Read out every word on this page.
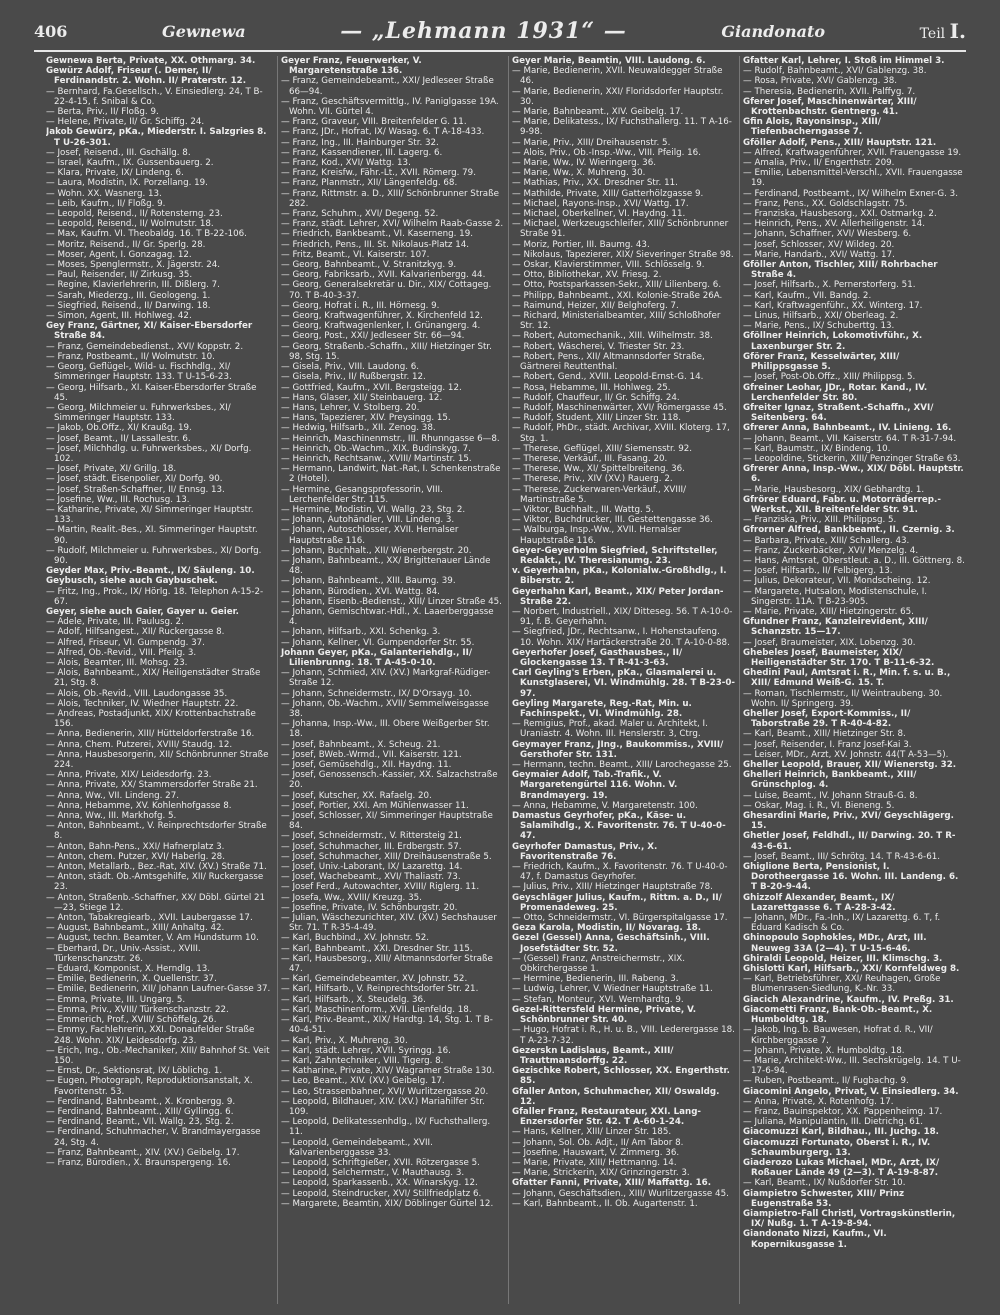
406	Gewnewa	— „Lehmann 1931“ —	Giandonato	Teil I.

Gewnewa Berta, Private, XX. Othmarg. 34.

Gewürz Adolf, Friseur (. Demer, II/ Ferdinandstr. 2. Wohn. II/ Praterstr. 12.

— Bernhard, Fa.Gesellsch., V. Einsiedlerg. 24, T B-22-4-15, f. Snibal & Co.

— Berta, Priv., II/ Floßg. 9.

— Helene, Private, II/ Gr. Schiffg. 24.

Jakob Gewürz, pKa., Miederstr. I. Salzgries 8. T U-26-301.

— Josef, Reisend., III. Gschällg. 8.

— Israel, Kaufm., IX. Gussenbauerg. 2.

— Klara, Private, IX/ Lindeng. 6.

— Laura, Modistin, IX. Porzellang. 19.

— Wohn. XX. Wasnerg. 13.

— Leib, Kaufm., II/ Floßg. 9.

— Leopold, Reisend., II/ Rotensterng. 23.

— Leopold, Reisend., II/ Wolmutstr. 18.

— Max, Kaufm. VI. Theobaldg. 16. T B-22-106.

— Moritz, Reisend., II/ Gr. Sperlg. 28.

— Moser, Agent, I. Gonzagag. 12.

— Moses, Spenglermstr., X. Jägerstr. 24.

— Paul, Reisender, II/ Zirkusg. 35.

— Regine, Klavierlehrerin, III. Dißlerg. 7.

— Sarah, Miederzg., III. Geologeng. 1.

— Siegfried, Reisend., II/ Darwing. 18.

— Simon, Agent, III. Hohlweg. 42.

Gey Franz, Gärtner, XI/ Kaiser-Ebersdorfer Straße 84.

— Franz, Gemeindebedienst., XVI/ Koppstr. 2.

— Franz, Postbeamt., II/ Wolmutstr. 10.

— Georg, Geflügel-, Wild- u. Fischhdlg., XI/ Simmeringer Hauptstr. 133. T U-15-6-23.

— Georg, Hilfsarb., XI. Kaiser-Ebersdorfer Straße 45.

— Georg, Milchmeier u. Fuhrwerksbes., XI/ Simmeringer Hauptstr. 133.

— Jakob, Ob.Offz., XI/ Kraußg. 19.

— Josef, Beamt., II/ Lassallestr. 6.

— Josef, Milchhdlg. u. Fuhrwerksbes., XI/ Dorfg. 102.

— Josef, Private, XI/ Grillg. 18.

— Josef, städt. Eisenpolier, XI/ Dorfg. 90.

— Josef, Straßen-Schaffner, II/ Ennsg. 13.

— Josefine, Ww., III. Rochusg. 13.

— Katharine, Private, XI/ Simmeringer Hauptstr. 133.

— Martin, Realit.-Bes., XI. Simmeringer Hauptstr. 90.

— Rudolf, Milchmeier u. Fuhrwerksbes., XI/ Dorfg. 90.

Geyder Max, Priv.-Beamt., IX/ Säuleng. 10.

Geybusch, siehe auch Gaybuschek.

— Fritz, Ing., Prok., IX/ Hörlg. 18. Telephon A-15-2-67.

Geyer, siehe auch Gaier, Gayer u. Geier.

— Adele, Private, III. Paulusg. 2.

— Adolf, Hilfsangest., XII/ Ruckergasse 8.

— Alfred, Friseur, VI. Gumpendg. 37.

— Alfred, Ob.-Revid., VIII. Pfeilg. 3.

— Alois, Beamter, III. Mohsg. 23.

— Alois, Bahnbeamt., XIX/ Heiligenstädter Straße 21, Stg. 8.

— Alois, Ob.-Revid., VIII. Laudongasse 35.

— Alois, Techniker, IV. Wiedner Hauptstr. 22.

— Andreas, Postadjunkt, XIX/ Krottenbachstraße 156.

— Anna, Bedienerin, XIII/ Hütteldorferstraße 16.

— Anna, Chem. Putzerei, XVIII/ Staudg. 12.

— Anna, Hausbesorgerin, XII/ Schönbrunner Straße 224.

— Anna, Private, XIX/ Leidesdorfg. 23.

— Anna, Private, XX/ Stammersdorfer Straße 21.

— Anna, Ww., VII. Lindeng. 27.

— Anna, Hebamme, XV. Kohlenhofgasse 8.

— Anna, Ww., III. Markhofg. 5.

— Anton, Bahnbeamt., V. Reinprechtsdorfer Straße 8.

— Anton, Bahn-Pens., XXI/ Hafnerplatz 3.

— Anton, chem. Putzer, XVI/ Haberlg. 28.

— Anton, Metallarb., Bez.-Rat, XIV. (XV.) Straße 71.

— Anton, städt. Ob.-Amtsgehilfe, XII/ Ruckergasse 23.

— Anton, Straßenb.-Schaffner, XX/ Döbl. Gürtel 21—23, Stiege 12.

— Anton, Tabakregiearb., XVII. Laubergasse 17.

— August, Bahnbeamt., XIII/ Anhaltg. 42.

— August, techn. Beamter, V. Am Hundsturm 10.

— Eberhard, Dr., Univ.-Assist., XVIII. Türkenschanzstr. 26.

— Eduard, Komponist, X. Herndlg. 13.

— Emilie, Bedienerin, X. Quellenstr. 37.

— Emilie, Bedienerin, XII/ Johann Laufner-Gasse 37.

— Emma, Private, III. Ungarg. 5.

— Emma, Priv., XVIII/ Türkenschanzstr. 22.

— Emmerich, Prof., XVIII/ Schöffelg. 26.

— Emmy, Fachlehrerin, XXI. Donaufelder Straße 248. Wohn. XIX/ Leidesdorfg. 23.

— Erich, Ing., Ob.-Mechaniker, XIII/ Bahnhof St. Veit 150.

— Ernst, Dr., Sektionsrat, IX/ Löblichg. 1.

— Eugen, Photograph, Reproduktionsanstalt, X. Favoritenstr. 53.

— Ferdinand, Bahnbeamt., X. Kronbergg. 9.

— Ferdinand, Bahnbeamt., XIII/ Gyllingg. 6.

— Ferdinand, Beamt., VII. Wallg. 23, Stg. 2.

— Ferdinand, Schuhmacher, V. Brandmayergasse 24, Stg. 4.

— Franz, Bahnbeamt., XIV. (XV.) Geibelg. 17.

— Franz, Bürodien., X. Braunspergeng. 16.

Geyer Franz, Feuerwerker, V. Margaretenstraße 136.

— Franz, Gemeindebeamt., XXI/ Jedleseer Straße 66—94.

— Franz, Geschäftsvermittlg., IV. Paniglgasse 19A. Wohn. VII. Gürtel 4.

— Franz, Graveur, VIII. Breitenfelder G. 11.

— Franz, JDr., Hofrat, IX/ Wasag. 6. T A-18-433.

— Franz, Ing., III. Hainburger Str. 32.

— Franz, Kassendiener, III. Lagerg. 6.

— Franz, Kod., XVI/ Wattg. 13.

— Franz, Kreisfw., Fähr.-Lt., XVII. Römerg. 79.

— Franz, Planmstr., XII/ Längenfeldg. 68.

— Franz, Rittmstr. a. D., XIII/ Schönbrunner Straße 282.

— Franz, Schuhm., XVI/ Degeng. 52.

— Franz, städt. Lehrer, XVI/ Wilhelm Raab-Gasse 2.

— Friedrich, Bankbeamt., VI. Kaserneng. 19.

— Friedrich, Pens., III. St. Nikolaus-Platz 14.

— Fritz, Beamt., VI. Kaiserstr. 107.

— Georg, Bahnbeamt., V. Stranitzkyg. 9.

— Georg, Fabriksarb., XVII. Kalvarienbergg. 44.

— Georg, Generalsekretär u. Dir., XIX/ Cottageg. 70. T B-40-3-37.

— Georg, Hofrat i. R., III. Hörnesg. 9.

— Georg, Kraftwagenführer, X. Kirchenfeld 12.

— Georg, Kraftwagenlenker, I. Grünangerg. 4.

— Georg, Post., XXI/ Jedleseer Str. 66—94.

— Georg, Straßenb.-Schaffn., XIII/ Hietzinger Str. 98, Stg. 15.

— Gisela, Priv., VIII. Laudong. 6.

— Gisela, Priv., II/ Rußbergstr. 12.

— Gottfried, Kaufm., XVII. Bergsteigg. 12.

— Hans, Glaser, XII/ Steinbauerg. 12.

— Hans, Lehrer, V. Stolberg. 20.

— Hans, Tapezierer, XIV. Preysingg. 15.

— Hedwig, Hilfsarb., XII. Zenog. 38.

— Heinrich, Maschinenmstr., III. Rhunngasse 6—8.

— Heinrich, Ob.-Wachm., XIX. Budinskyg. 7.

— Heinrich, Rechtsanw., XVIII/ Martinstr. 15.

— Hermann, Landwirt, Nat.-Rat, I. Schenkenstraße 2 (Hotel).

— Hermine, Gesangsprofessorin, VIII. Lerchenfelder Str. 115.

— Hermine, Modistin, VI. Wallg. 23, Stg. 2.

— Johann, Autohändler, VIII. Lindeng. 3.

— Johann, Autoschlosser, XVII. Hernalser Hauptstraße 116.

— Johann, Buchhalt., XII/ Wienerbergstr. 20.

— Johann, Bahnbeamt., XX/ Brigittenauer Lände 48.

— Johann, Bahnbeamt., XIII. Baumg. 39.

— Johann, Bürodien., XVI. Wattg. 84.

— Johann, Eisenb.-Bedienst., XIII/ Linzer Straße 45.

— Johann, Gemischtwar.-Hdl., X. Laaerberggasse 4.

— Johann, Hilfsarb., XXI. Schenkg. 3.

— Johann, Kellner, VI. Gumpendorfer Str. 55.

Johann Geyer, pKa., Galanteriehdlg., II/ Lilienbrunng. 18. T A-45-0-10.

— Johann, Schmied, XIV. (XV.) Markgraf-Rüdiger-Straße 12.

— Johann, Schneidermstr., IX/ D'Orsayg. 10.

— Johann, Ob.-Wachm., XVII/ Semmelweisgasse 38.

— Johanna, Insp.-Ww., III. Obere Weißgerber Str. 18.

— Josef, Bahnbeamt., X. Scheug. 21.

— Josef, BWeb.-Wrmd., VII. Kaiserstr. 121.

— Josef, Gemüsehdlg., XII. Haydng. 11.

— Josef, Genossensch.-Kassier, XX. Salzachstraße 20.

— Josef, Kutscher, XX. Rafaelg. 20.

— Josef, Portier, XXI. Am Mühlenwasser 11.

— Josef, Schlosser, XI/ Simmeringer Hauptstraße 84.

— Josef, Schneidermstr., V. Rittersteig 21.

— Josef, Schuhmacher, III. Erdbergstr. 57.

— Josef, Schuhmacher, XIII/ Dreihausenstraße 5.

— Josef, Univ.-Laborant, IX/ Lazarettg. 14.

— Josef, Wachebeamt., XVI/ Thaliastr. 73.

— Josef Ferd., Autowachter, XVIII/ Riglerg. 11.

— Josefa, Ww., XVIII/ Kreuzg. 35.

— Josefine, Private, IV. Schönburgstr. 20.

— Julian, Wäschezurichter, XIV. (XV.) Sechshauser Str. 71. T R-35-4-49.

— Karl, Buchbind., XV. Johnstr. 52.

— Karl, Bahnbeamt., XXI. Dresdner Str. 115.

— Karl, Hausbesorg., XIII/ Altmannsdorfer Straße 47.

— Karl, Gemeindebeamter, XV. Johnstr. 52.

— Karl, Hilfsarb., V. Reinprechtsdorfer Str. 21.

— Karl, Hilfsarb., X. Steudelg. 36.

— Karl, Maschinenform., XVII. Lienfeldg. 18.

— Karl, Priv.-Beamt., XIX/ Hardtg. 14, Stg. 1. T B-40-4-51.

— Karl, Priv., X. Muhreng. 30.

— Karl, städt. Lehrer, XVII. Syringg. 16.

— Karl, Zahntechniker, VIII. Tigerg. 8.

— Katharine, Private, XIV/ Wagramer Straße 130.

— Leo, Beamt., XIV. (XV.) Geibelg. 17.

— Leo, Strassenbahner, XVI/ Wurlitzergasse 20.

— Leopold, Bildhauer, XIV. (XV.) Mariahilfer Str. 109.

— Leopold, Delikatessenhdlg., IX/ Fuchsthallerg. 11.

— Leopold, Gemeindebeamt., XVII. Kalvarienberggasse 33.

— Leopold, Schriftgießer, XVII. Rötzergasse 5.

— Leopold, Selchermstr., V. Mauthausg. 3.

— Leopold, Sparkassenb., XX. Winarskyg. 12.

— Leopold, Steindrucker, XVI/ Stillfriedplatz 6.

— Margarete, Beamtin, XIX/ Döblinger Gürtel 12.

Geyer Marie, Beamtin, VIII. Laudong. 6.

— Marie, Bedienerin, XVII. Neuwaldegger Straße 46.

— Marie, Bedienerin, XXI/ Floridsdorfer Hauptstr. 30.

— Marie, Bahnbeamt., XIV. Geibelg. 17.

— Marie, Delikatess., IX/ Fuchsthallerg. 11. T A-16-9-98.

— Marie, Priv., XIII/ Dreihausenstr. 5.

— Alois, Priv., Ob.-Insp.-Ww., VIII. Pfeilg. 16.

— Marie, Ww., IV. Wieringerg. 36.

— Marie, Ww., X. Muhreng. 30.

— Mathias, Priv., XX. Dresdner Str. 11.

— Mathilde, Private, XIII/ Gatterhölzgasse 9.

— Michael, Rayons-Insp., XVI/ Wattg. 17.

— Michael, Oberkellner, VI. Haydng. 11.

— Michael, Werkzeugschleifer, XIII/ Schönbrunner Straße 91.

— Moriz, Portier, III. Baumg. 43.

— Nikolaus, Tapezierer, XIX/ Sieveringer Straße 98.

— Oskar, Klavierstimmer, VIII. Schlösselg. 9.

— Otto, Bibliothekar, XV. Friesg. 2.

— Otto, Postsparkassen-Sekr., XIII/ Lilienberg. 6.

— Philipp, Bahnbeamt., XXI. Kolonie-Straße 26A.

— Raimund, Heizer, XII/ Belghoferg. 7.

— Richard, Ministerialbeamter, XIII/ Schloßhofer Str. 12.

— Robert, Automechanik., XIII. Wilhelmstr. 38.

— Robert, Wäscherei, V. Triester Str. 23.

— Robert, Pens., XII/ Altmannsdorfer Straße, Gärtnerei Reuttenthal.

— Robert, Gend., XVIII. Leopold-Ernst-G. 14.

— Rosa, Hebamme, III. Hohlweg. 25.

— Rudolf, Chauffeur, II/ Gr. Schiffg. 24.

— Rudolf, Maschinenwärter, XVI/ Römergasse 45.

— Rudolf, Student, XIII/ Linzer Str. 118.

— Rudolf, PhDr., städt. Archivar, XVIII. Kloterg. 17, Stg. 1.

— Therese, Geflügel, XIII/ Siemensstr. 92.

— Therese, Verkäuf., III. Fasang. 20.

— Therese, Ww., XI/ Spittelbreiteng. 36.

— Therese, Priv., XIV (XV.) Rauerg. 2.

— Therese, Zuckerwaren-Verkäuf., XVIII/ Martinstraße 5.

— Viktor, Buchhalt., III. Wattg. 5.

— Viktor, Buchdrucker, III. Gestettengasse 36.

— Walburga, Insp.-Ww., XVII. Hernalser Hauptstraße 116.

Geyer-Geyerholm Siegfried, Schriftsteller, Redakt., IV. Theresianumg. 23.

v. Geyerhahn, pKa., Kolonialw.-Großhdlg., I. Biberstr. 2.

Geyerhahn Karl, Beamt., XIX/ Peter Jordan-Straße 22.

— Norbert, Industriell., XIX/ Ditteseg. 56. T A-10-0-91, f. B. Geyerhahn.

— Siegfried, JDr., Rechtsanw., I. Hohenstaufeng. 10. Wohn. XIX/ Hartäckerstraße 20. T A-10-0-88.

Geyerhofer Josef, Gasthausbes., II/ Glockengasse 13. T R-41-3-63.

Carl Geyling's Erben, pKa., Glasmalerei u. Kunstglaserei, VI. Windmühlg. 28. T B-23-0-97.

Geyling Margarete, Reg.-Rat, Min. u. Fachinspekt., VI. Windmühlg. 28.

— Remigius, Prof., akad. Maler u. Architekt, I. Uraniastr. 4. Wohn. III. Henslerstr. 3, Ctrg.

Geymayer Franz, JIng., Baukommiss., XVIII/ Gersthofer Str. 131.

— Hermann, techn. Beamt., XIII/ Larochegasse 25.

Geymaier Adolf, Tab.-Trafik., V. Margaretengürtel 116. Wohn. V. Brandmayerg. 19.

— Anna, Hebamme, V. Margaretenstr. 100.

Damastus Geyrhofer, pKa., Käse- u. Salamihdlg., X. Favoritenstr. 76. T U-40-0-47.

Geyrhofer Damastus, Priv., X. Favoritenstraße 76.

— Friedrich, Kaufm., X. Favoritenstr. 76. T U-40-0-47, f. Damastus Geyrhofer.

— Julius, Priv., XIII/ Hietzinger Hauptstraße 78.

Geyschläger Julius, Kaufm., Rittm. a. D., II/ Promenadeweg. 25.

— Otto, Schneidermstr., VI. Bürgerspitalgasse 17.

Geza Karola, Modistin, II/ Novarag. 18.

Gezel (Gessel) Anna, Geschäftsinh., VIII. Josefstädter Str. 52.

— (Gessel) Franz, Anstreichermstr., XIX. Obkirchergasse 1.

— Hermine, Bedienerin, III. Rabeng. 3.

— Ludwig, Lehrer, V. Wiedner Hauptstraße 11.

— Stefan, Monteur, XVI. Wernhardtg. 9.

Gezel-Rittersfeld Hermine, Private, V. Schönbrunner Str. 40.

— Hugo, Hofrat i. R., H. u. B., VIII. Lederergasse 18. T A-23-7-32.

Gezerskn Ladislaus, Beamt., XIII/ Trauttmansdorffg. 22.

Gezischke Robert, Schlosser, XX. Engerthstr. 85.

Gfaller Anton, Schuhmacher, XII/ Oswaldg. 12.

Gfaller Franz, Restaurateur, XXI. Lang-Enzersdorfer Str. 42. T A-60-1-24.

— Hans, Kellner, XIII/ Linzer Str. 185.

— Johann, Sol. Ob. Adjt., II/ Am Tabor 8.

— Josefine, Hauswart, V. Zimmerg. 36.

— Marie, Private, XIII/ Hettmanng. 14.

— Marie, Strickerin, XIX/ Grinzingerstr. 3.

Gfatter Fanni, Private, XIII/ Maffattg. 16.

— Johann, Geschäftsdien., XIII/ Wurlitzergasse 45.

— Karl, Bahnbeamt., II. Ob. Augartenstr. 1.

Gfatter Karl, Lehrer, I. Stoß im Himmel 3.

— Rudolf, Bahnbeamt., XVI/ Gablenzg. 38.

— Rosa, Private, XVI/ Gablenzg. 38.

— Theresia, Bedienerin, XVII. Palffyg. 7.

Gferer Josef, Maschinenwärter, XIII/ Krottenbachstr. Gentnerg. 41.

Gfin Alois, Rayonsinsp., XIII/ Tiefenbacherngasse 7.

Gföller Adolf, Pens., XIII/ Hauptstr. 121.

— Alfred, Kraftwagenführer, XVII. Frauengasse 19.

— Amalia, Priv., II/ Engerthstr. 209.

— Emilie, Lebensmittel-Verschl., XVII. Frauengasse 19.

— Ferdinand, Postbeamt., IX/ Wilhelm Exner-G. 3.

— Franz, Pens., XX. Goldschlagstr. 75.

— Franziska, Hausbesorg., XXI. Ostmarkg. 2.

— Heinrich, Pens., XV. Allerheiligenstr. 14.

— Johann, Schaffner, XVI/ Wiesberg. 6.

— Josef, Schlosser, XV/ Wildeg. 20.

— Marie, Handarb., XVI/ Wattg. 17.

Gföller Anton, Tischler, XIII/ Rohrbacher Straße 4.

— Josef, Hilfsarb., X. Pernerstorferg. 51.

— Karl, Kaufm., VII. Bandg. 2.

— Karl, Kraftwagenführ., XX. Winterg. 17.

— Linus, Hilfsarb., XXI/ Oberleag. 2.

— Marie, Pens., IX/ Schuberttg. 13.

Gföllner Heinrich, Lokomotivführ., X. Laxenburger Str. 2.

Gförer Franz, Kesselwärter, XIII/ Philippsgasse 5.

— Josef, Post-Ob.Offz., XIII/ Philippsg. 5.

Gfreiner Leohar, JDr., Rotar. Kand., IV. Lerchenfelder Str. 80.

Gfreiter Ignaz, Straßent.-Schaffn., XVI/ Seitenberg. 64.

Gfrerer Anna, Bahnbeamt., IV. Linieng. 16.

— Johann, Beamt., VII. Kaiserstr. 64. T R-31-7-94.

— Karl, Baumstr., IX/ Bindeng. 10.

— Leopoldine, Stickerin, XIII/ Penzinger Straße 63.

Gfrerer Anna, Insp.-Ww., XIX/ Döbl. Hauptstr. 6.

— Marie, Hausbesorg., XIX/ Gebhardtg. 1.

Gfrörer Eduard, Fabr. u. Motorräderrep.-Werkst., XII. Breitenfelder Str. 91.

— Franziska, Priv., XIII. Philippsg. 5.

Gfrorner Alfred, Bankbeamt., II. Czernig. 3.

— Barbara, Private, XIII/ Schallerg. 43.

— Franz, Zuckerbäcker, XVI/ Menzelg. 4.

— Hans, Amtsrat, Oberstleut. a. D., III. Göttnerg. 8.

— Josef, Hilfsarb., II/ Felbigerg. 13.

— Julius, Dekorateur, VII. Mondscheing. 12.

— Margarete, Hutsalon, Modistenschule, I. Singerstr. 11A. T B-23-905.

— Marie, Private, XIII/ Hietzingerstr. 65.

Gfundner Franz, Kanzleirevident, XIII/ Schanzstr. 15—17.

— Josef, Braumeister, XIX. Lobenzg. 30.

Ghebeles Josef, Baumeister, XIX/ Heiligenstädter Str. 170. T B-11-6-32.

Ghedini Paul, Amtsrat i. R., Min. f. s. u. B., XIII/ Edmund Weiß-G. 15. T.

— Roman, Tischlermstr., II/ Weintraubeng. 30. Wohn. II/ Springerg. 39.

Gheller Josef, Export-Kommiss., II/ Taborstraße 29. T R-40-4-82.

— Karl, Beamt., XIII/ Hietzinger Str. 8.

— Josef, Reisender, I. Franz Josef-Kai 3.

— Leiser, MDr., Arzt, XV. Johnstr. 44(T A-53—5).

Gheller Leopold, Brauer, XII/ Wienerstg. 32.

Ghelleri Heinrich, Bankbeamt., XIII/ Grünschplog. 4.

— Luise, Beamt., IV. Johann Strauß-G. 8.

— Oskar, Mag. i. R., VI. Bieneng. 5.

Ghesardini Marie, Priv., XVI/ Geyschlägerg. 15.

Ghetler Josef, Feldhdl., II/ Darwing. 20. T R-43-6-61.

— Josef, Beamt., III/ Schrötg. 14. T R-43-6-61.

Ghiglione Berta, Pensionist, I. Dorotheergasse 16. Wohn. III. Landeng. 6. T B-20-9-44.

Ghizzolf Alexander, Beamt., IX/ Lazarettgasse 6. T A-28-3-42.

— Johann, MDr., Fa.-Inh., IX/ Lazarettg. 6. T, f. Eduard Kadisch & Co.

Ghinopoulo Sophokles, MDr., Arzt, III. Neuweg 33A (2—4). T U-15-6-46.

Ghiraldi Leopold, Heizer, III. Klimschg. 3.

Ghislotti Karl, Hilfsarb., XXI/ Kornfeldweg 8.

— Karl, Betriebsführer, XXI/ Reuhagen, Große Blumenrasen-Siedlung, K.-Nr. 33.

Giacich Alexandrine, Kaufm., IV. Preßg. 31.

Giacometti Franz, Bank-Ob.-Beamt., X. Humboldtg. 18.

— Jakob, Ing. b. Bauwesen, Hofrat d. R., VII/ Kirchberggasse 7.

— Johann, Private, X. Humboldtg. 18.

— Marie, Architekt-Ww., III. Sechskrügelg. 14. T U-17-6-94.

— Ruben, Postbeamt., II/ Fugbachg. 9.

Giacomini Angelo, Privat, V. Einsiedlerg. 34.

— Anna, Private, X. Rotenhofg. 17.

— Franz, Bauinspektor, XX. Pappenheimg. 17.

— Juliana, Manipulantin, III. Dietrichg. 61.

Giacomuzzi Karl, Bildhau., III. Juchg. 18.

Giacomuzzi Fortunato, Oberst i. R., IV. Schaumburgerg. 13.

Giaderozo Lukas Michael, MDr., Arzt, IX/ Roßauer Lände 49 (2—3). T A-19-8-87.

— Karl, Beamt., IX/ Nußdorfer Str. 10.

Giampietro Schwester, XIII/ Prinz Eugenstraße 53.

Giampietro-Fall Christl, Vortragskünstlerin, IX/ Nußg. 1. T A-19-8-94.

Giandonato Nizzi, Kaufm., VI. Kopernikusgasse 1.
